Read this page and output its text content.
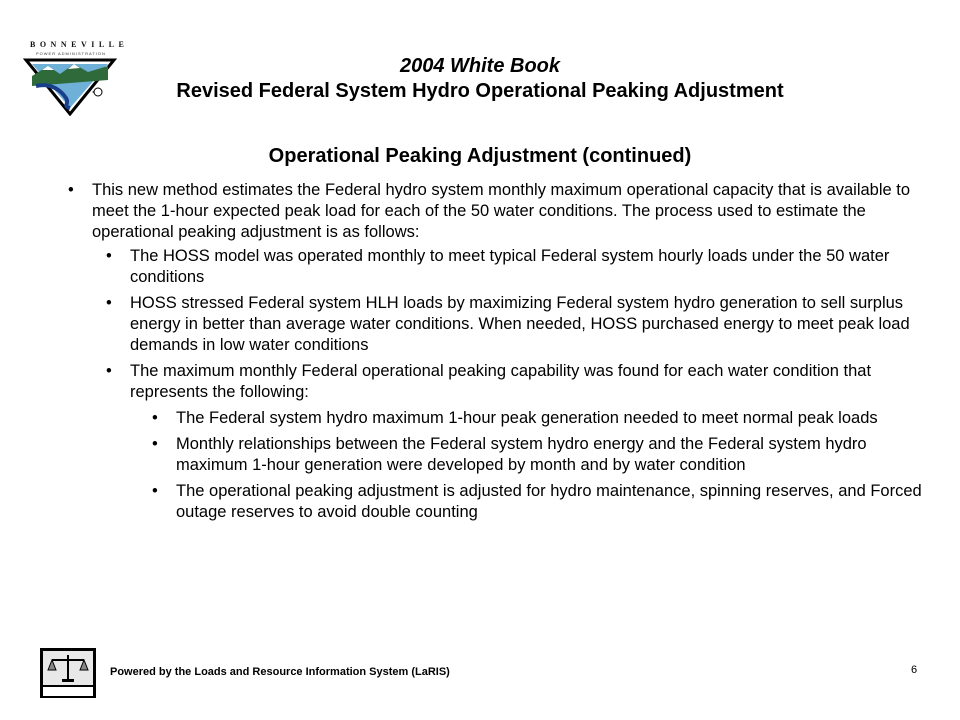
BONNEVILLE
POWER ADMINISTRATION
2004 White Book
Revised Federal System Hydro Operational Peaking Adjustment
Operational Peaking Adjustment (continued)
• This new method estimates the Federal hydro system monthly maximum operational capacity that is available to meet the 1-hour expected peak load for each of the 50 water conditions. The process used to estimate the operational peaking adjustment is as follows:
• The HOSS model was operated monthly to meet typical Federal system hourly loads under the 50 water conditions
• HOSS stressed Federal system HLH loads by maximizing Federal system hydro generation to sell surplus energy in better than average water conditions. When needed, HOSS purchased energy to meet peak load demands in low water conditions
• The maximum monthly Federal operational peaking capability was found for each water condition that represents the following:
• The Federal system hydro maximum 1-hour peak generation needed to meet normal peak loads
• Monthly relationships between the Federal system hydro energy and the Federal system hydro maximum 1-hour generation were developed by month and by water condition
• The operational peaking adjustment is adjusted for hydro maintenance, spinning reserves, and Forced outage reserves to avoid double counting
Powered by the Loads and Resource Information System (LaRIS)	6
